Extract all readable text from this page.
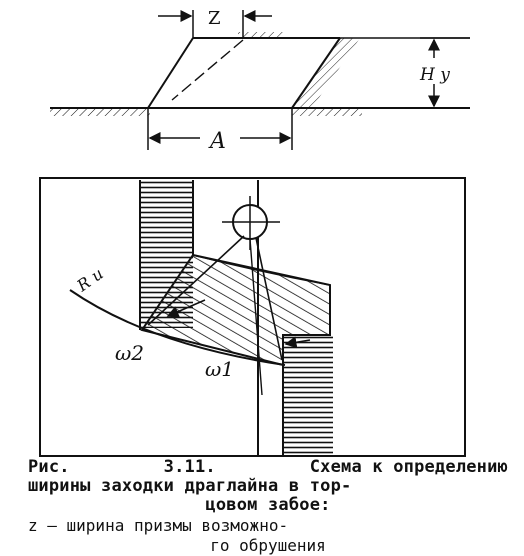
Z
H y
A
R u
ω2
ω1
Рис.	3.11.	Схема к определению
ширины заходки драглайна в тор-
цовом забое:
z — ширина призмы возможно-
го обрушения
